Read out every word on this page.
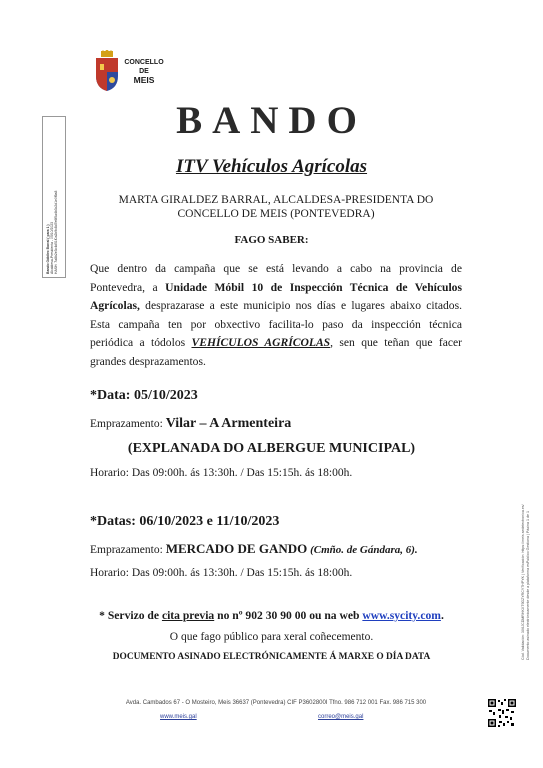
CONCELLO
DE
MEIS
Bando Gábilec Barral ( para 1 ) Alcaldesa-Presidenta - 05/10/2023 HASH: 7a8b2e3c4d51f0a2b9c8d7e6f5a4b3c2d1e0f9a8
Cód. Validación: 3X6JCDMRHKXT9DZYRCY7HPYK | Verificación: https://meis.sedelectronica.es/ Documento asinado electrónicamente desde a plataforma esPublico Gestiona | Páxina 1 de 1
BANDO
ITV Vehículos Agrícolas
MARTA GIRALDEZ BARRAL, ALCALDESA-PRESIDENTA DO CONCELLO DE MEIS (PONTEVEDRA)
FAGO SABER:
Que dentro da campaña que se está levando a cabo na provincia de
Pontevedra, a Unidade Móbil 10 de Inspección Técnica de Vehículos
Agrícolas, desprazarase a este municipio nos días e lugares abaixo citados.
Esta campaña ten por obxectivo facilita-lo paso da inspección técnica
periódica a tódolos VEHÍCULOS AGRÍCOLAS, sen que teñan que facer
grandes desprazamentos.
*Data: 05/10/2023
Emprazamento: Vilar – A Armenteira
(EXPLANADA DO ALBERGUE MUNICIPAL)
Horario: Das 09:00h. ás 13:30h. / Das 15:15h. ás 18:00h.
*Datas: 06/10/2023 e 11/10/2023
Emprazamento: MERCADO DE GANDO (Cmño. de Gándara, 6).
Horario: Das 09:00h. ás 13:30h. / Das 15:15h. ás 18:00h.
* Servizo de cita previa no nº 902 30 90 00 ou na web www.sycity.com.
O que fago público para xeral coñecemento.
DOCUMENTO ASINADO ELECTRÓNICAMENTE Á MARXE O DÍA DATA
Avda. Cambados 67 - O Mosteiro, Meis 36637 (Pontevedra) CIF P3602800I Tfno. 986 712 001 Fax. 986 715 300
www.meis.gal	correo@meis.gal
